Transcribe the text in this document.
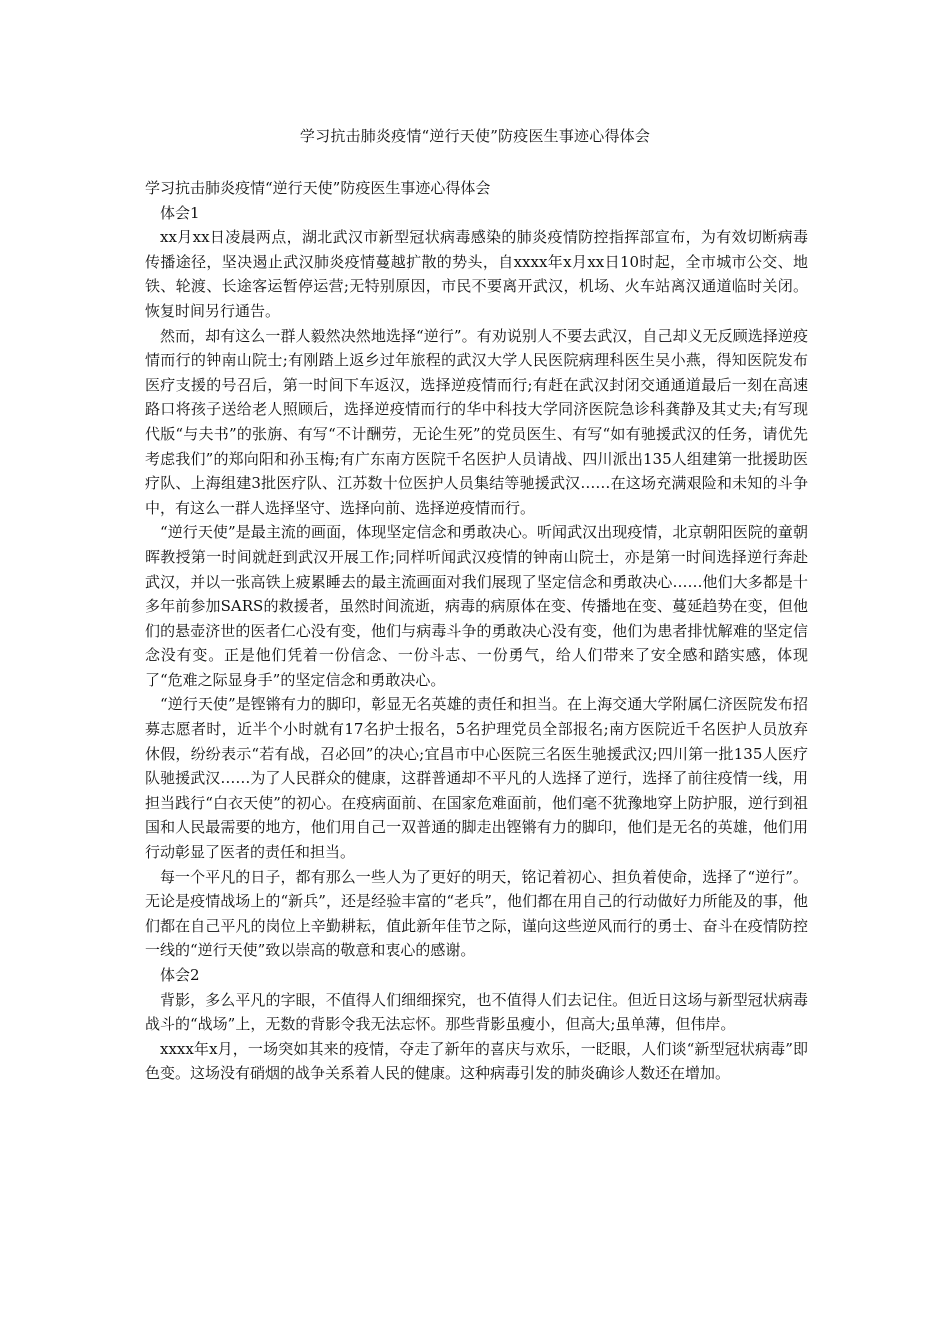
学习抗击肺炎疫情“逆行天使”防疫医生事迹心得体会

学习抗击肺炎疫情“逆行天使”防疫医生事迹心得体会

体会1

xx月xx日凌晨两点，湖北武汉市新型冠状病毒感染的肺炎疫情防控指挥部宣布，为有效切断病毒传播途径，坚决遏止武汉肺炎疫情蔓越扩散的势头，自xxxx年x月xx日10时起，全市城市公交、地铁、轮渡、长途客运暂停运营;无特别原因，市民不要离开武汉，机场、火车站离汉通道临时关闭。恢复时间另行通告。

然而，却有这么一群人毅然决然地选择“逆行”。有劝说别人不要去武汉，自己却义无反顾选择逆疫情而行的钟南山院士;有刚踏上返乡过年旅程的武汉大学人民医院病理科医生吴小燕，得知医院发布医疗支援的号召后，第一时间下车返汉，选择逆疫情而行;有赶在武汉封闭交通通道最后一刻在高速路口将孩子送给老人照顾后，选择逆疫情而行的华中科技大学同济医院急诊科龚静及其丈夫;有写现代版“与夫书”的张旃、有写“不计酬劳，无论生死”的党员医生、有写“如有驰援武汉的任务，请优先考虑我们”的郑向阳和孙玉梅;有广东南方医院千名医护人员请战、四川派出135人组建第一批援助医疗队、上海组建3批医疗队、江苏数十位医护人员集结等驰援武汉……在这场充满艰险和未知的斗争中，有这么一群人选择坚守、选择向前、选择逆疫情而行。

“逆行天使”是最主流的画面，体现坚定信念和勇敢决心。听闻武汉出现疫情，北京朝阳医院的童朝晖教授第一时间就赶到武汉开展工作;同样听闻武汉疫情的钟南山院士，亦是第一时间选择逆行奔赴武汉，并以一张高铁上疲累睡去的最主流画面对我们展现了坚定信念和勇敢决心……他们大多都是十多年前参加SARS的救援者，虽然时间流逝，病毒的病原体在变、传播地在变、蔓延趋势在变，但他们的悬壶济世的医者仁心没有变，他们与病毒斗争的勇敢决心没有变，他们为患者排忧解难的坚定信念没有变。正是他们凭着一份信念、一份斗志、一份勇气，给人们带来了安全感和踏实感，体现了“危难之际显身手”的坚定信念和勇敢决心。

“逆行天使”是铿锵有力的脚印，彰显无名英雄的责任和担当。在上海交通大学附属仁济医院发布招募志愿者时，近半个小时就有17名护士报名，5名护理党员全部报名;南方医院近千名医护人员放弃休假，纷纷表示“若有战，召必回”的决心;宜昌市中心医院三名医生驰援武汉;四川第一批135人医疗队驰援武汉……为了人民群众的健康，这群普通却不平凡的人选择了逆行，选择了前往疫情一线，用担当践行“白衣天使”的初心。在疫病面前、在国家危难面前，他们毫不犹豫地穿上防护服，逆行到祖国和人民最需要的地方，他们用自己一双普通的脚走出铿锵有力的脚印，他们是无名的英雄，他们用行动彰显了医者的责任和担当。

每一个平凡的日子，都有那么一些人为了更好的明天，铭记着初心、担负着使命，选择了“逆行”。无论是疫情战场上的“新兵”，还是经验丰富的“老兵”，他们都在用自己的行动做好力所能及的事，他们都在自己平凡的岗位上辛勤耕耘，值此新年佳节之际，谨向这些逆风而行的勇士、奋斗在疫情防控一线的“逆行天使”致以崇高的敬意和衷心的感谢。

体会2

背影，多么平凡的字眼，不值得人们细细探究，也不值得人们去记住。但近日这场与新型冠状病毒战斗的“战场”上，无数的背影令我无法忘怀。那些背影虽瘦小，但高大;虽单薄，但伟岸。

xxxx年x月，一场突如其来的疫情，夺走了新年的喜庆与欢乐，一眨眼，人们谈“新型冠状病毒”即色变。这场没有硝烟的战争关系着人民的健康。这种病毒引发的肺炎确诊人数还在增加。
